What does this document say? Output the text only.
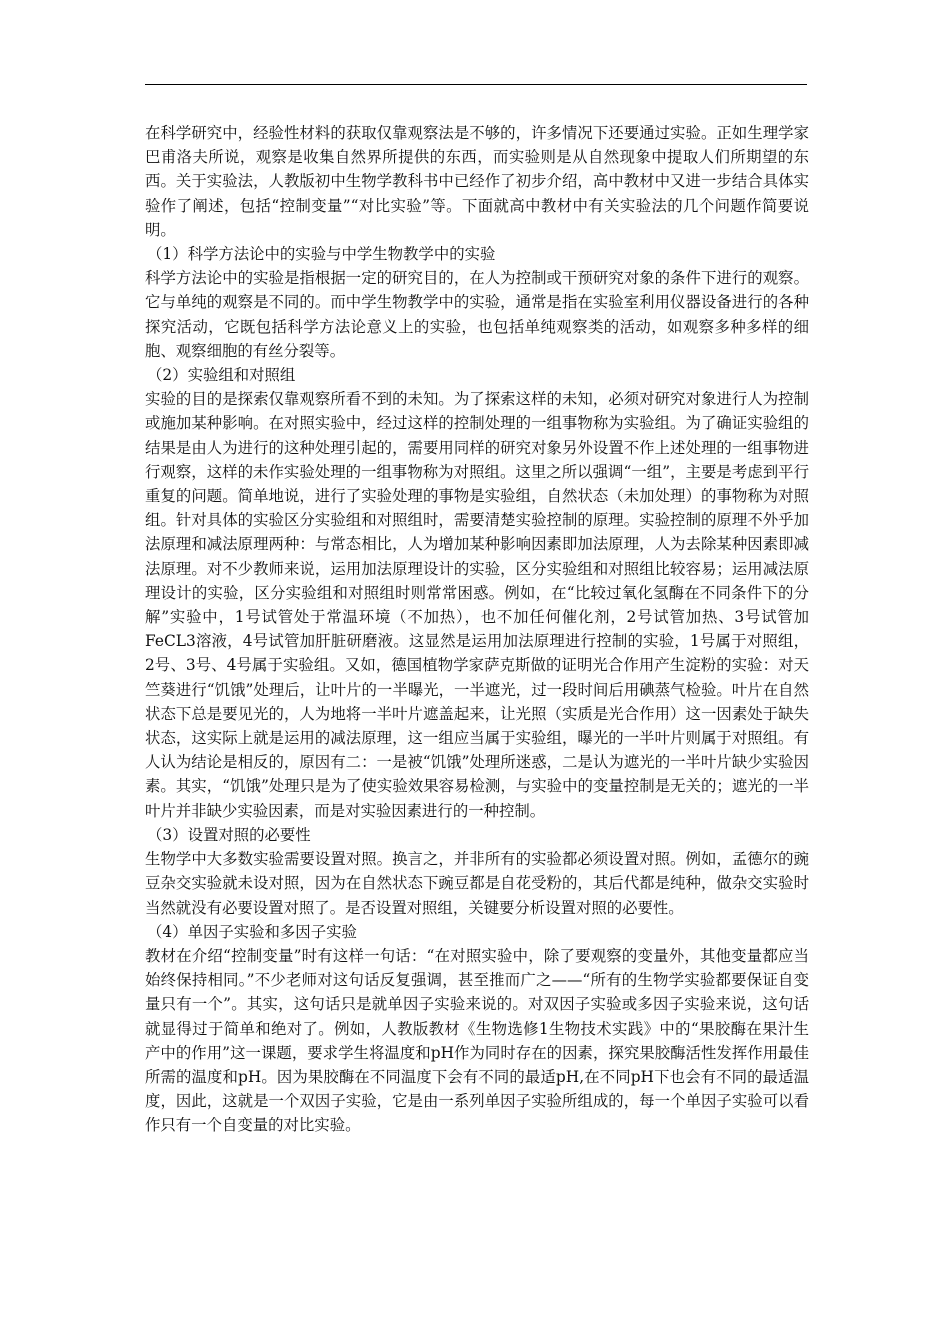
在科学研究中，经验性材料的获取仅靠观察法是不够的，许多情况下还要通过实验。正如生理学家巴甫洛夫所说，观察是收集自然界所提供的东西，而实验则是从自然现象中提取人们所期望的东西。关于实验法，人教版初中生物学教科书中已经作了初步介绍，高中教材中又进一步结合具体实验作了阐述，包括“控制变量”“对比实验”等。下面就高中教材中有关实验法的几个问题作简要说明。

（1）科学方法论中的实验与中学生物教学中的实验

科学方法论中的实验是指根据一定的研究目的，在人为控制或干预研究对象的条件下进行的观察。它与单纯的观察是不同的。而中学生物教学中的实验，通常是指在实验室利用仪器设备进行的各种探究活动，它既包括科学方法论意义上的实验，也包括单纯观察类的活动，如观察多种多样的细胞、观察细胞的有丝分裂等。

（2）实验组和对照组

实验的目的是探索仅靠观察所看不到的未知。为了探索这样的未知，必须对研究对象进行人为控制或施加某种影响。在对照实验中，经过这样的控制处理的一组事物称为实验组。为了确证实验组的结果是由人为进行的这种处理引起的，需要用同样的研究对象另外设置不作上述处理的一组事物进行观察，这样的未作实验处理的一组事物称为对照组。这里之所以强调“一组”，主要是考虑到平行重复的问题。简单地说，进行了实验处理的事物是实验组，自然状态（未加处理）的事物称为对照组。针对具体的实验区分实验组和对照组时，需要清楚实验控制的原理。实验控制的原理不外乎加法原理和减法原理两种：与常态相比，人为增加某种影响因素即加法原理，人为去除某种因素即减法原理。对不少教师来说，运用加法原理设计的实验，区分实验组和对照组比较容易；运用减法原理设计的实验，区分实验组和对照组时则常常困惑。例如，在“比较过氧化氢酶在不同条件下的分解”实验中，1号试管处于常温环境（不加热），也不加任何催化剂，2号试管加热、3号试管加FeCL3溶液，4号试管加肝脏研磨液。这显然是运用加法原理进行控制的实验，1号属于对照组，2号、3号、4号属于实验组。又如，德国植物学家萨克斯做的证明光合作用产生淀粉的实验：对天竺葵进行“饥饿”处理后，让叶片的一半曝光，一半遮光，过一段时间后用碘蒸气检验。叶片在自然状态下总是要见光的，人为地将一半叶片遮盖起来，让光照（实质是光合作用）这一因素处于缺失状态，这实际上就是运用的减法原理，这一组应当属于实验组，曝光的一半叶片则属于对照组。有人认为结论是相反的，原因有二：一是被“饥饿”处理所迷惑，二是认为遮光的一半叶片缺少实验因素。其实，“饥饿”处理只是为了使实验效果容易检测，与实验中的变量控制是无关的；遮光的一半叶片并非缺少实验因素，而是对实验因素进行的一种控制。

（3）设置对照的必要性

生物学中大多数实验需要设置对照。换言之，并非所有的实验都必须设置对照。例如，孟德尔的豌豆杂交实验就未设对照，因为在自然状态下豌豆都是自花受粉的，其后代都是纯种，做杂交实验时当然就没有必要设置对照了。是否设置对照组，关键要分析设置对照的必要性。

（4）单因子实验和多因子实验

教材在介绍“控制变量”时有这样一句话：“在对照实验中，除了要观察的变量外，其他变量都应当始终保持相同。”不少老师对这句话反复强调，甚至推而广之——“所有的生物学实验都要保证自变量只有一个”。其实，这句话只是就单因子实验来说的。对双因子实验或多因子实验来说，这句话就显得过于简单和绝对了。例如，人教版教材《生物选修1生物技术实践》中的“果胶酶在果汁生产中的作用”这一课题，要求学生将温度和pH作为同时存在的因素，探究果胶酶活性发挥作用最佳所需的温度和pH。因为果胶酶在不同温度下会有不同的最适pH,在不同pH下也会有不同的最适温度，因此，这就是一个双因子实验，它是由一系列单因子实验所组成的，每一个单因子实验可以看作只有一个自变量的对比实验。
